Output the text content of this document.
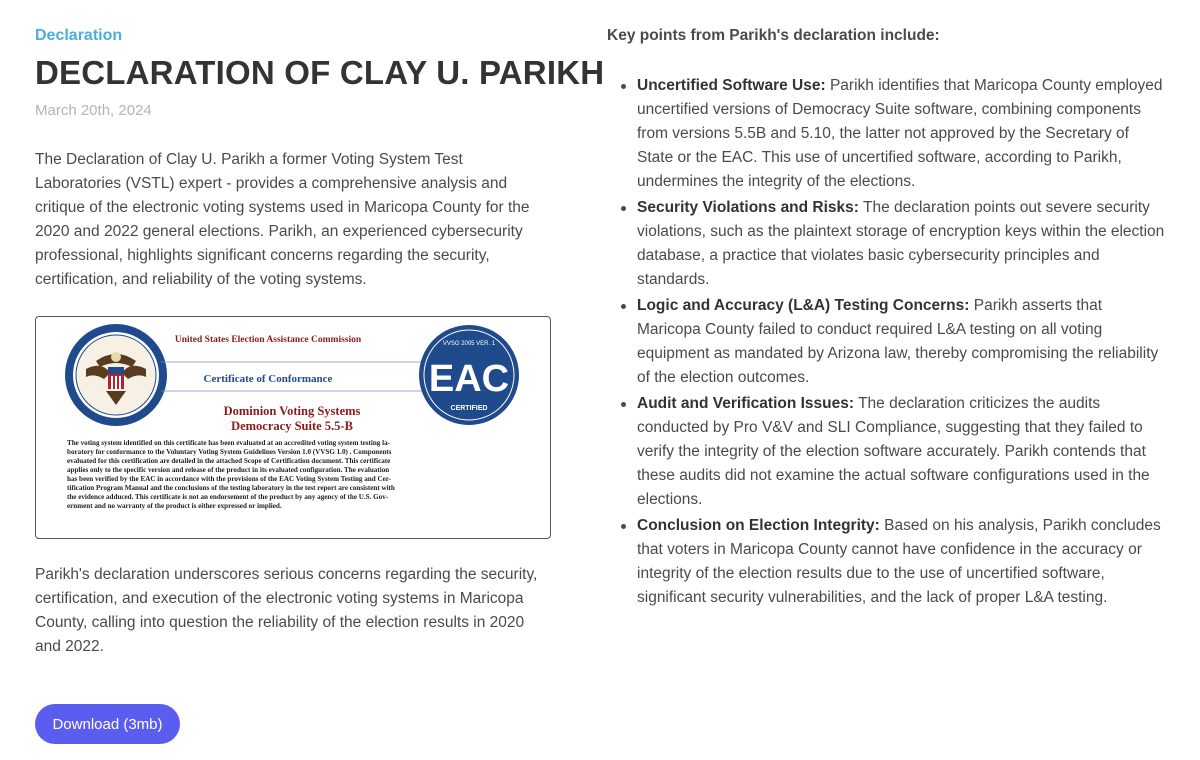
Declaration
DECLARATION OF CLAY U. PARIKH
March 20th, 2024

The Declaration of Clay U. Parikh a former Voting System Test Laboratories (VSTL) expert - provides a comprehensive analysis and critique of the electronic voting systems used in Maricopa County for the 2020 and 2022 general elections. Parikh, an experienced cybersecurity professional, highlights significant concerns regarding the security, certification, and reliability of the voting systems.

United States Election Assistance Commission
Certificate of Conformance
Dominion Voting Systems
Democracy Suite 5.5-B
VVSG 2005 VER. 1
EAC
CERTIFIED
The voting system identified on this certificate has been evaluated at an accredited voting system testing la-
boratory for conformance to the Voluntary Voting System Guidelines Version 1.0 (VVSG 1.0) . Components
evaluated for this certification are detailed in the attached Scope of Certification document. This certificate
applies only to the specific version and release of the product in its evaluated configuration. The evaluation
has been verified by the EAC in accordance with the provisions of the EAC Voting System Testing and Cer-
tification Program Manual and the conclusions of the testing laboratory in the test report are consistent with
the evidence adduced. This certificate is not an endorsement of the product by any agency of the U.S. Gov-
ernment and no warranty of the product is either expressed or implied.

Parikh's declaration underscores serious concerns regarding the security, certification, and execution of the electronic voting systems in Maricopa County, calling into question the reliability of the election results in 2020 and 2022.

Download (3mb)
Key points from Parikh's declaration include:
Uncertified Software Use: Parikh identifies that Maricopa County employed uncertified versions of Democracy Suite software, combining components from versions 5.5B and 5.10, the latter not approved by the Secretary of State or the EAC. This use of uncertified software, according to Parikh, undermines the integrity of the elections.
Security Violations and Risks: The declaration points out severe security violations, such as the plaintext storage of encryption keys within the election database, a practice that violates basic cybersecurity principles and standards.
Logic and Accuracy (L&A) Testing Concerns: Parikh asserts that Maricopa County failed to conduct required L&A testing on all voting equipment as mandated by Arizona law, thereby compromising the reliability of the election outcomes.
Audit and Verification Issues: The declaration criticizes the audits conducted by Pro V&V and SLI Compliance, suggesting that they failed to verify the integrity of the election software accurately. Parikh contends that these audits did not examine the actual software configurations used in the elections.
Conclusion on Election Integrity: Based on his analysis, Parikh concludes that voters in Maricopa County cannot have confidence in the accuracy or integrity of the election results due to the use of uncertified software, significant security vulnerabilities, and the lack of proper L&A testing.
